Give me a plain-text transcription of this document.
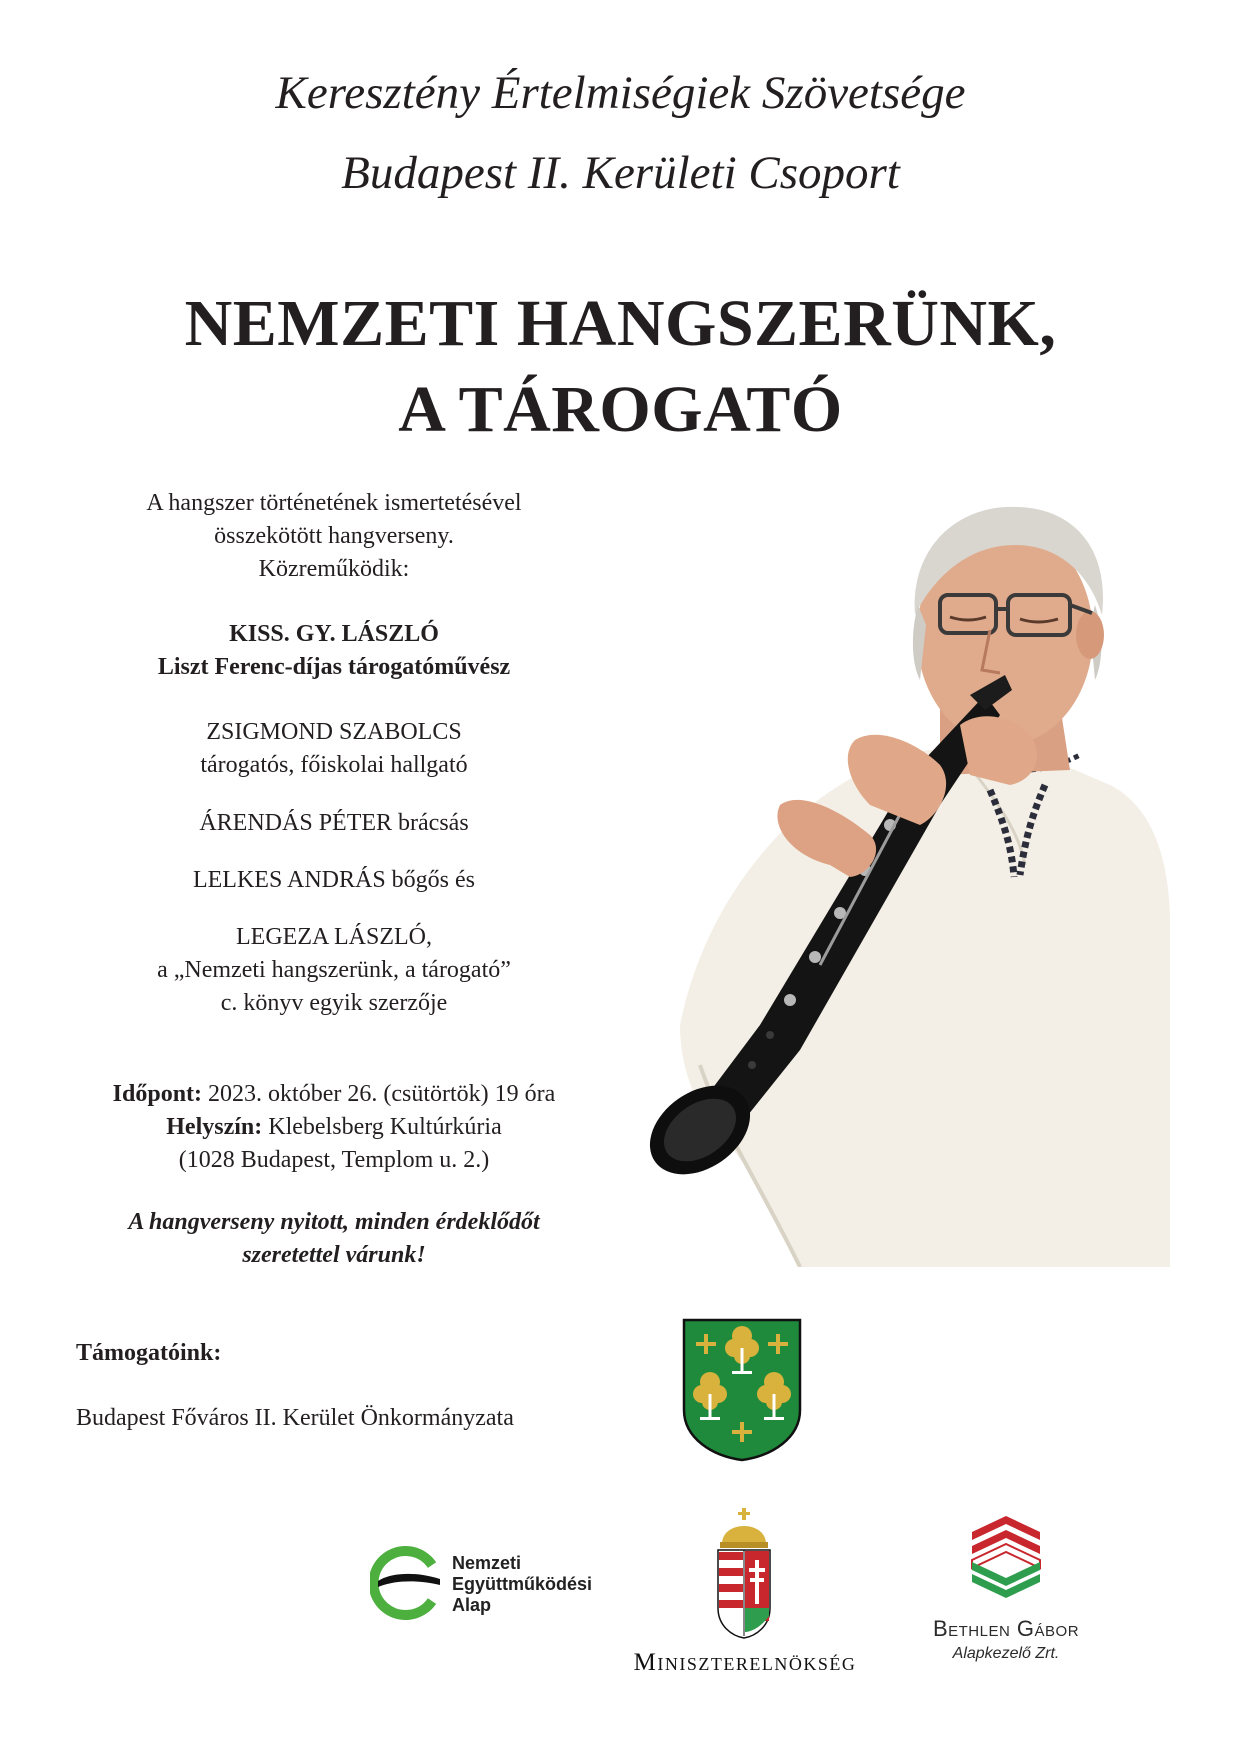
Keresztény Értelmiségiek Szövetsége
Budapest II. Kerületi Csoport
NEMZETI HANGSZERÜNK,
A TÁROGATÓ
A hangszer történetének ismertetésével
összekötött hangverseny.
Közreműködik:
KISS. GY. LÁSZLÓ
Liszt Ferenc-díjas tárogatóművész
ZSIGMOND SZABOLCS
tárogatós, főiskolai hallgató
ÁRENDÁS PÉTER brácsás
LELKES ANDRÁS bőgős és
LEGEZA LÁSZLÓ,
a „Nemzeti hangszerünk, a tárogató”
c. könyv egyik szerzője
Időpont: 2023. október 26. (csütörtök) 19 óra
Helyszín: Klebelsberg Kultúrkúria
(1028 Budapest, Templom u. 2.)
A hangverseny nyitott, minden érdeklődőt
szeretettel várunk!
Támogatóink:
Budapest Főváros II. Kerület Önkormányzata
Nemzeti
Együttműködési
Alap
Miniszterelnökség
Bethlen Gábor
Alapkezelő Zrt.
